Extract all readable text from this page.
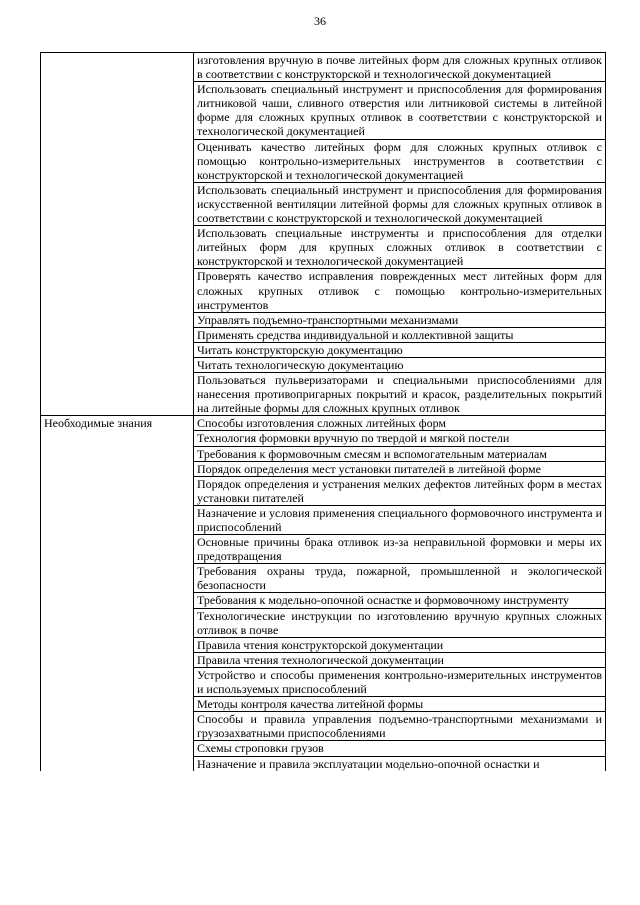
36
	изготовления вручную в почве литейных форм для сложных крупных отливок в соответствии с конструкторской и технологической документацией
	Использовать специальный инструмент и приспособления для формирования литниковой чаши, сливного отверстия или литниковой системы в литейной форме для сложных крупных отливок в соответствии с конструкторской и технологической документацией
	Оценивать качество литейных форм для сложных крупных отливок с помощью контрольно-измерительных инструментов в соответствии с конструкторской и технологической документацией
	Использовать специальный инструмент и приспособления для формирования искусственной вентиляции литейной формы для сложных крупных отливок в соответствии с конструкторской и технологической документацией
	Использовать специальные инструменты и приспособления для отделки литейных форм для крупных сложных отливок в соответствии с конструкторской и технологической документацией
	Проверять качество исправления поврежденных мест литейных форм для сложных крупных отливок с помощью контрольно-измерительных инструментов
	Управлять подъемно-транспортными механизмами
	Применять средства индивидуальной и коллективной защиты
	Читать конструкторскую документацию
	Читать технологическую документацию
	Пользоваться пульверизаторами и специальными приспособлениями для нанесения противопригарных покрытий и красок, разделительных покрытий на литейные формы для сложных крупных отливок
Необходимые знания	Способы изготовления сложных литейных форм
	Технология формовки вручную по твердой и мягкой постели
	Требования к формовочным смесям и вспомогательным материалам
	Порядок определения мест установки питателей в литейной форме
	Порядок определения и устранения мелких дефектов литейных форм в местах установки питателей
	Назначение и условия применения специального формовочного инструмента и приспособлений
	Основные причины брака отливок из-за неправильной формовки и меры их предотвращения
	Требования охраны труда, пожарной, промышленной и экологической безопасности
	Требования к модельно-опочной оснастке и формовочному инструменту
	Технологические инструкции по изготовлению вручную крупных сложных отливок в почве
	Правила чтения конструкторской документации
	Правила чтения технологической документации
	Устройство и способы применения контрольно-измерительных инструментов и используемых приспособлений
	Методы контроля качества литейной формы
	Способы и правила управления подъемно-транспортными механизмами и грузозахватными приспособлениями
	Схемы строповки грузов
	Назначение и правила эксплуатации модельно-опочной оснастки и
